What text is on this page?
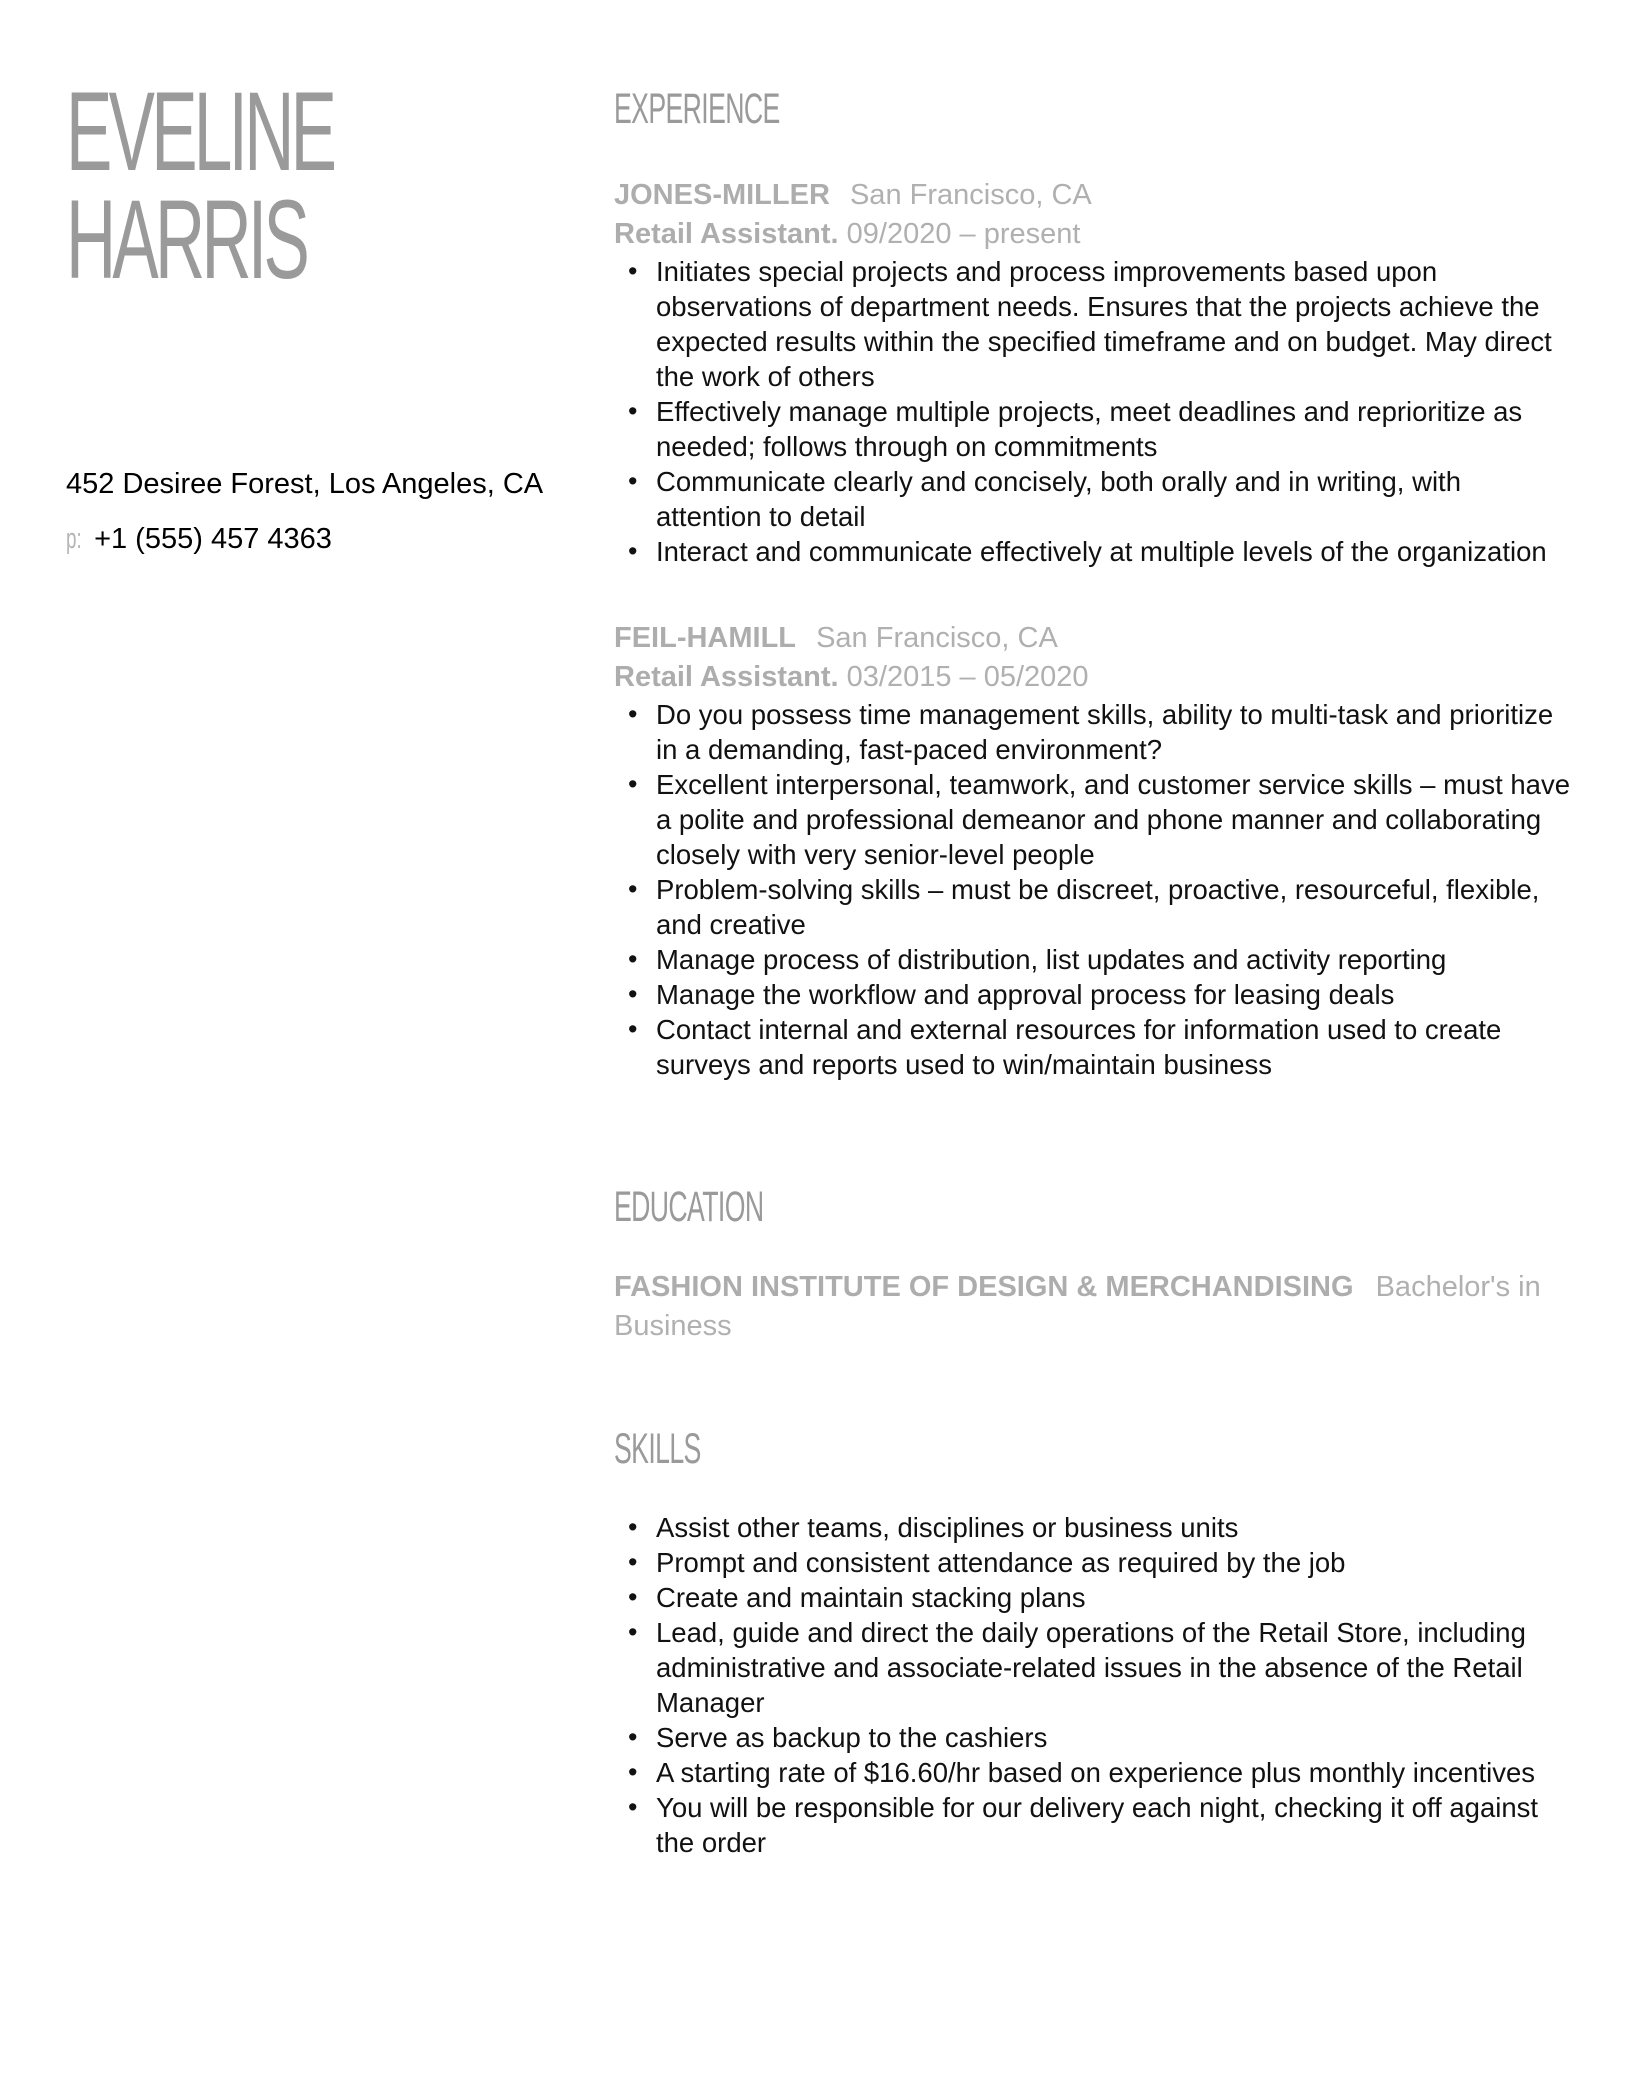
EVELINE
HARRIS
452 Desiree Forest, Los Angeles, CA
p: +1 (555) 457 4363
EXPERIENCE
JONES-MILLER San Francisco, CA
Retail Assistant. 09/2020 – present
• Initiates special projects and process improvements based upon observations of department needs. Ensures that the projects achieve the expected results within the specified timeframe and on budget. May direct the work of others
• Effectively manage multiple projects, meet deadlines and reprioritize as needed; follows through on commitments
• Communicate clearly and concisely, both orally and in writing, with attention to detail
• Interact and communicate effectively at multiple levels of the organization
FEIL-HAMILL San Francisco, CA
Retail Assistant. 03/2015 – 05/2020
• Do you possess time management skills, ability to multi-task and prioritize in a demanding, fast-paced environment?
• Excellent interpersonal, teamwork, and customer service skills – must have a polite and professional demeanor and phone manner and collaborating closely with very senior-level people
• Problem-solving skills – must be discreet, proactive, resourceful, flexible, and creative
• Manage process of distribution, list updates and activity reporting
• Manage the workflow and approval process for leasing deals
• Contact internal and external resources for information used to create surveys and reports used to win/maintain business
EDUCATION
FASHION INSTITUTE OF DESIGN & MERCHANDISING Bachelor's in Business
SKILLS
• Assist other teams, disciplines or business units
• Prompt and consistent attendance as required by the job
• Create and maintain stacking plans
• Lead, guide and direct the daily operations of the Retail Store, including administrative and associate-related issues in the absence of the Retail Manager
• Serve as backup to the cashiers
• A starting rate of $16.60/hr based on experience plus monthly incentives
• You will be responsible for our delivery each night, checking it off against the order
